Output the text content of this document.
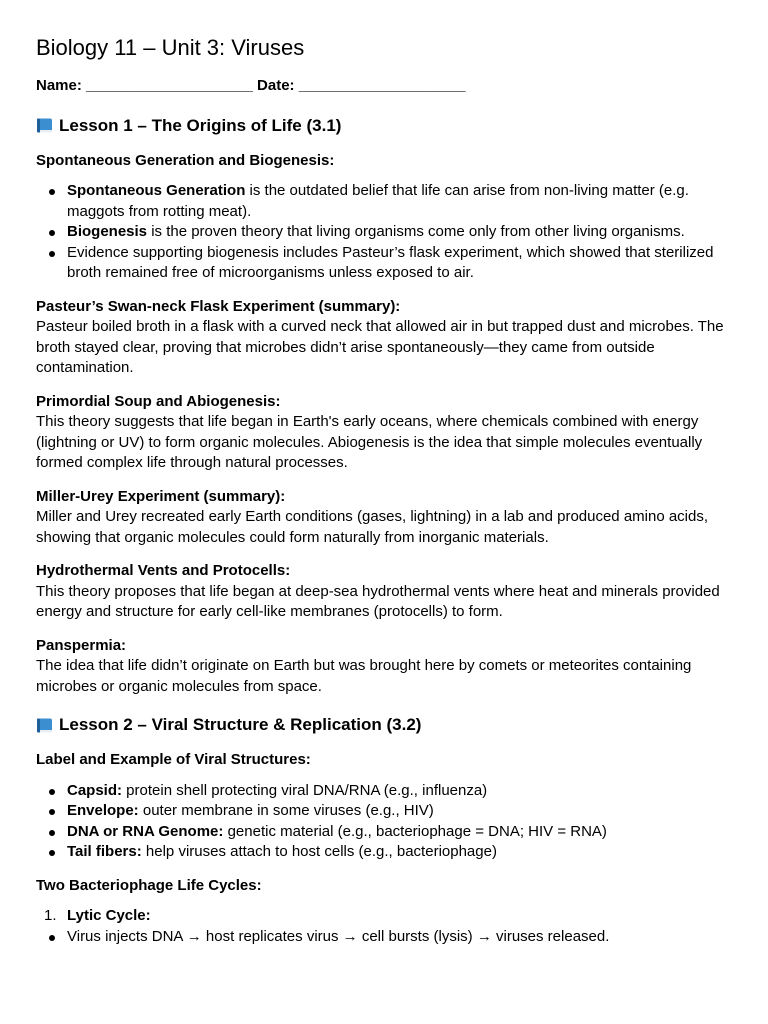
Biology 11 – Unit 3: Viruses

Name: ____________________ Date: ____________________

Lesson 1 – The Origins of Life (3.1)

Spontaneous Generation and Biogenesis:

Spontaneous Generation is the outdated belief that life can arise from non-living matter (e.g. maggots from rotting meat).
Biogenesis is the proven theory that living organisms come only from other living organisms.
Evidence supporting biogenesis includes Pasteur’s flask experiment, which showed that sterilized broth remained free of microorganisms unless exposed to air.

Pasteur’s Swan-neck Flask Experiment (summary):

Pasteur boiled broth in a flask with a curved neck that allowed air in but trapped dust and microbes. The broth stayed clear, proving that microbes didn’t arise spontaneously—they came from outside contamination.

Primordial Soup and Abiogenesis:

This theory suggests that life began in Earth's early oceans, where chemicals combined with energy (lightning or UV) to form organic molecules. Abiogenesis is the idea that simple molecules eventually formed complex life through natural processes.

Miller-Urey Experiment (summary):

Miller and Urey recreated early Earth conditions (gases, lightning) in a lab and produced amino acids, showing that organic molecules could form naturally from inorganic materials.

Hydrothermal Vents and Protocells:

This theory proposes that life began at deep-sea hydrothermal vents where heat and minerals provided energy and structure for early cell-like membranes (protocells) to form.

Panspermia:

The idea that life didn’t originate on Earth but was brought here by comets or meteorites containing microbes or organic molecules from space.

Lesson 2 – Viral Structure & Replication (3.2)

Label and Example of Viral Structures:

Capsid: protein shell protecting viral DNA/RNA (e.g., influenza)
Envelope: outer membrane in some viruses (e.g., HIV)
DNA or RNA Genome: genetic material (e.g., bacteriophage = DNA; HIV = RNA)
Tail fibers: help viruses attach to host cells (e.g., bacteriophage)

Two Bacteriophage Life Cycles:

1. Lytic Cycle:
Virus injects DNA → host replicates virus → cell bursts (lysis) → viruses released.
